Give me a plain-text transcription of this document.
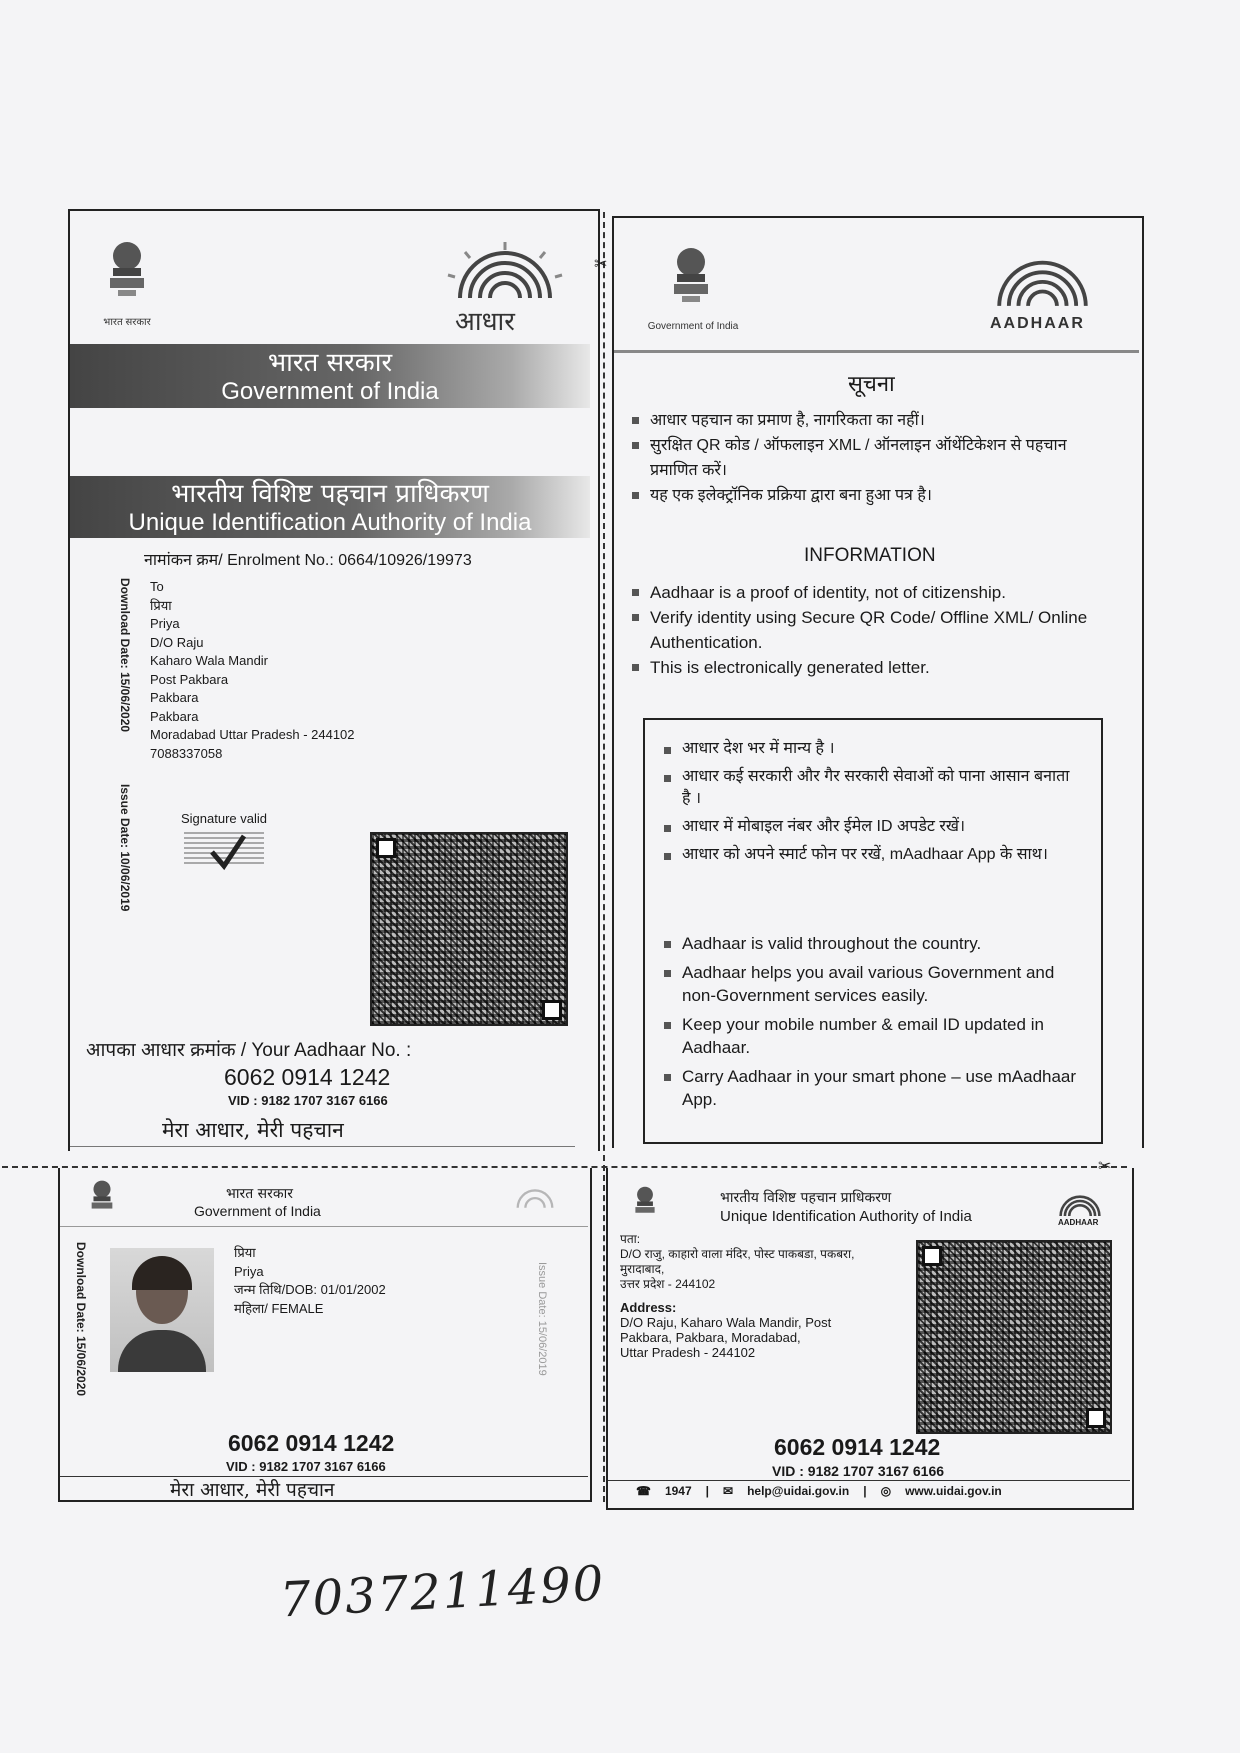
✂
✂
भारत सरकार	आधार
भारत सरकार
Government of India
भारतीय विशिष्ट पहचान प्राधिकरण
Unique Identification Authority of India
नामांकन क्रम/ Enrolment No.: 0664/10926/19973
Download Date: 15/06/2020
Issue Date: 10/06/2019
To
प्रिया
Priya
D/O Raju
Kaharo Wala Mandir
Post Pakbara
Pakbara
Pakbara
Moradabad Uttar Pradesh - 244102
7088337058
Signature valid
आपका आधार क्रमांक / Your Aadhaar No. :
6062 0914 1242
VID : 9182 1707 3167 6166
मेरा आधार, मेरी पहचान
Government of India	AADHAAR
सूचना
आधार पहचान का प्रमाण है, नागरिकता का नहीं।
सुरक्षित QR कोड / ऑफलाइन XML / ऑनलाइन ऑथेंटिकेशन से पहचान प्रमाणित करें।
यह एक इलेक्ट्रॉनिक प्रक्रिया द्वारा बना हुआ पत्र है।
INFORMATION
Aadhaar is a proof of identity, not of citizenship.
Verify identity using Secure QR Code/ Offline XML/ Online Authentication.
This is electronically generated letter.
आधार देश भर में मान्य है ।
आधार कई सरकारी और गैर सरकारी सेवाओं को पाना आसान बनाता है ।
आधार में मोबाइल नंबर और ईमेल ID अपडेट रखें।
आधार को अपने स्मार्ट फोन पर रखें, mAadhaar App के साथ।
Aadhaar is valid throughout the country.
Aadhaar helps you avail various Government and non-Government services easily.
Keep your mobile number & email ID updated in Aadhaar.
Carry Aadhaar in your smart phone – use mAadhaar App.
भारत सरकार
Government of India
Download Date: 15/06/2020	Issue Date: 15/06/2019
प्रिया
Priya
जन्म तिथि/DOB: 01/01/2002
महिला/ FEMALE
6062 0914 1242
VID : 9182 1707 3167 6166
मेरा आधार, मेरी पहचान
भारतीय विशिष्ट पहचान प्राधिकरण
Unique Identification Authority of India	AADHAAR
पता:
D/O राजु, काहारो वाला मंदिर, पोस्ट पाकबडा, पकबरा,
मुरादाबाद,
उत्तर प्रदेश - 244102
Address:
D/O Raju, Kaharo Wala Mandir, Post
Pakbara, Pakbara, Moradabad,
Uttar Pradesh - 244102
6062 0914 1242
VID : 9182 1707 3167 6166
☎ 1947 | ✉ help@uidai.gov.in | ◎ www.uidai.gov.in
7037211490
